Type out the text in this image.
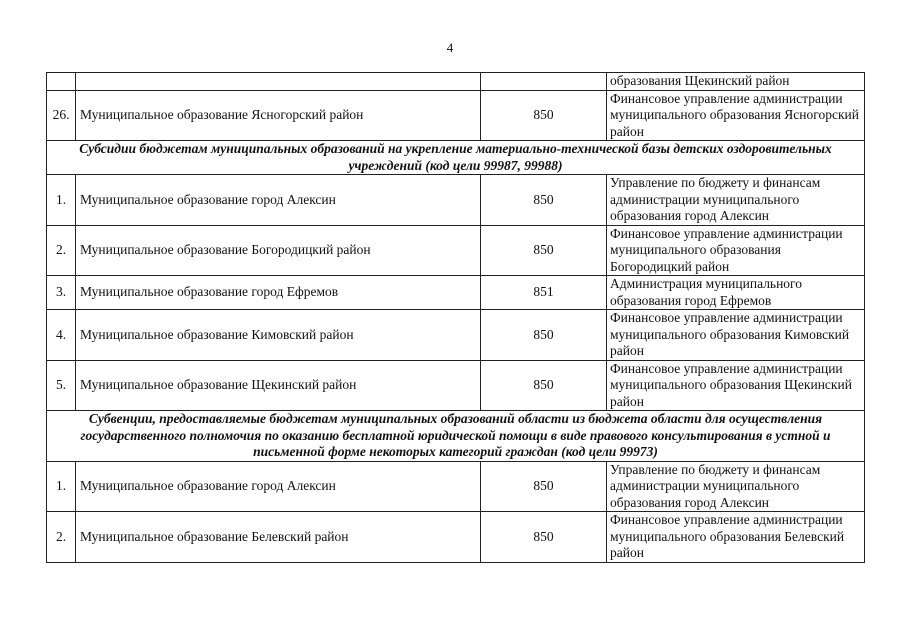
4
			образования Щекинский район
26.	Муниципальное образование Ясногорский район	850	Финансовое управление администрации муниципального образования Ясногорский район
Субсидии бюджетам муниципальных образований на укрепление материально-технической базы детских оздоровительных учреждений (код цели 99987, 99988)			
1.	Муниципальное образование город Алексин	850	Управление по бюджету и финансам администрации муниципального образования город Алексин
2.	Муниципальное образование Богородицкий район	850	Финансовое управление администрации муниципального образования Богородицкий район
3.	Муниципальное образование город Ефремов	851	Администрация муниципального образования город Ефремов
4.	Муниципальное образование Кимовский район	850	Финансовое управление администрации муниципального образования Кимовский район
5.	Муниципальное образование Щекинский район	850	Финансовое управление администрации муниципального образования Щекинский район
Субвенции, предоставляемые бюджетам муниципальных образований области из бюджета области для осуществления государственного полномочия по оказанию бесплатной юридической помощи в виде правового консультирования в устной и письменной форме некоторых категорий граждан (код цели 99973)			
1.	Муниципальное образование город Алексин	850	Управление по бюджету и финансам администрации муниципального образования город Алексин
2.	Муниципальное образование Белевский район	850	Финансовое управление администрации муниципального образования Белевский район
